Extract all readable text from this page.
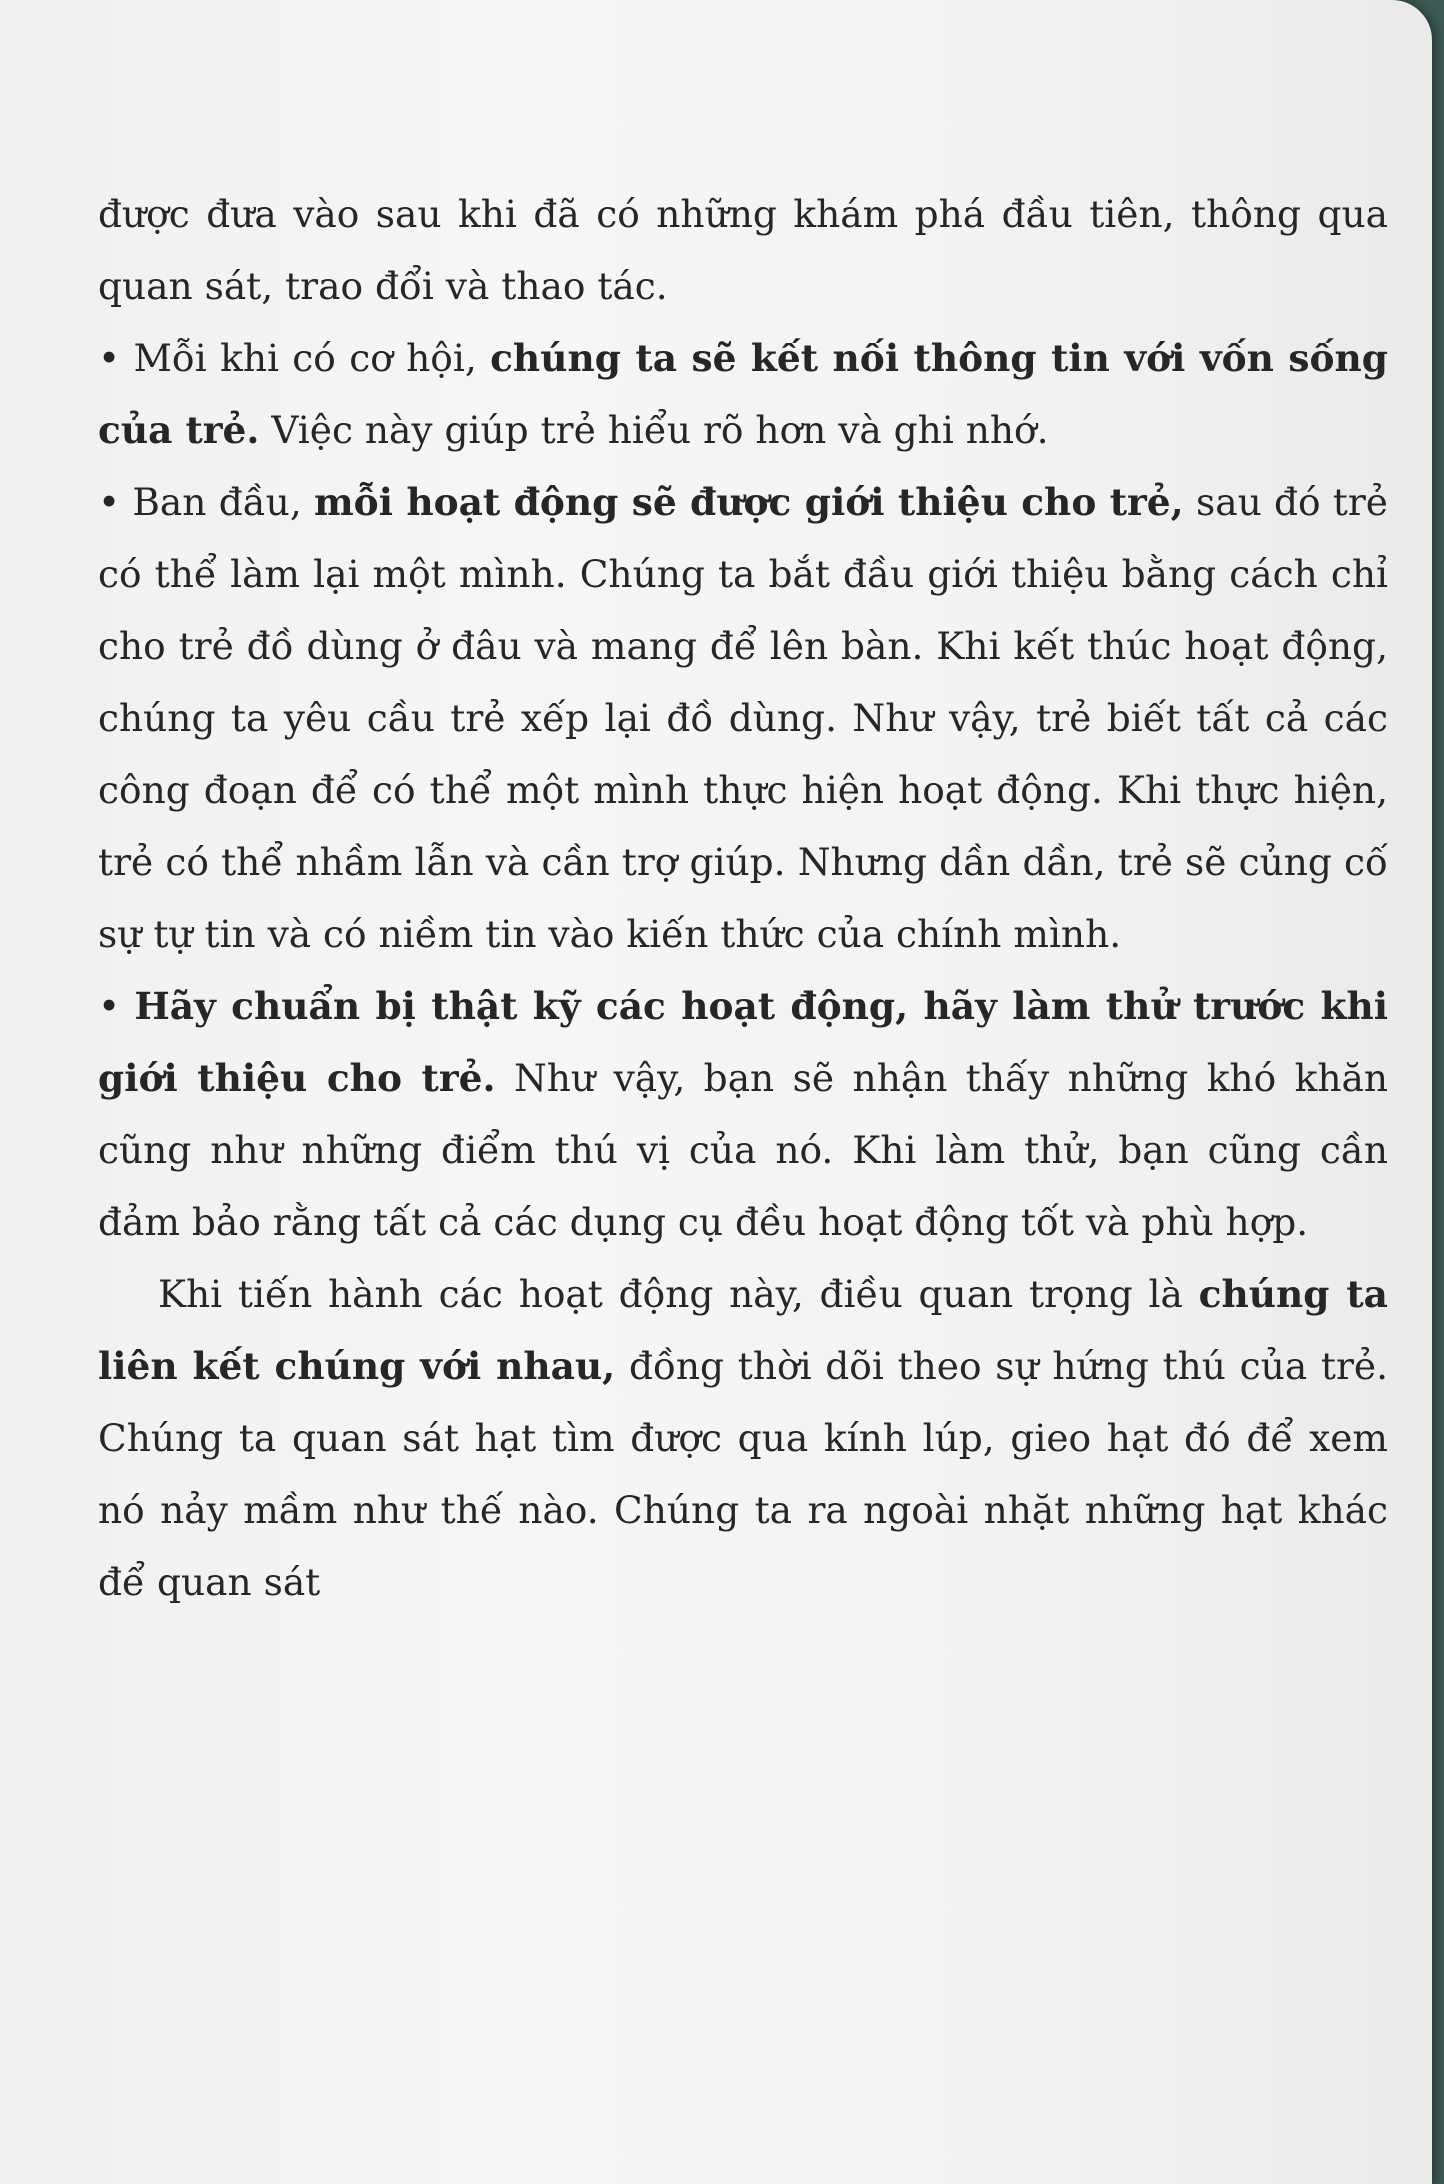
được đưa vào sau khi đã có những khám phá đầu tiên, thông qua quan sát, trao đổi và thao tác.

• Mỗi khi có cơ hội, chúng ta sẽ kết nối thông tin với vốn sống của trẻ. Việc này giúp trẻ hiểu rõ hơn và ghi nhớ.

• Ban đầu, mỗi hoạt động sẽ được giới thiệu cho trẻ, sau đó trẻ có thể làm lại một mình. Chúng ta bắt đầu giới thiệu bằng cách chỉ cho trẻ đồ dùng ở đâu và mang để lên bàn. Khi kết thúc hoạt động, chúng ta yêu cầu trẻ xếp lại đồ dùng. Như vậy, trẻ biết tất cả các công đoạn để có thể một mình thực hiện hoạt động. Khi thực hiện, trẻ có thể nhầm lẫn và cần trợ giúp. Nhưng dần dần, trẻ sẽ củng cố sự tự tin và có niềm tin vào kiến thức của chính mình.

• Hãy chuẩn bị thật kỹ các hoạt động, hãy làm thử trước khi giới thiệu cho trẻ. Như vậy, bạn sẽ nhận thấy những khó khăn cũng như những điểm thú vị của nó. Khi làm thử, bạn cũng cần đảm bảo rằng tất cả các dụng cụ đều hoạt động tốt và phù hợp.

Khi tiến hành các hoạt động này, điều quan trọng là chúng ta liên kết chúng với nhau, đồng thời dõi theo sự hứng thú của trẻ. Chúng ta quan sát hạt tìm được qua kính lúp, gieo hạt đó để xem nó nảy mầm như thế nào. Chúng ta ra ngoài nhặt những hạt khác để quan sát
